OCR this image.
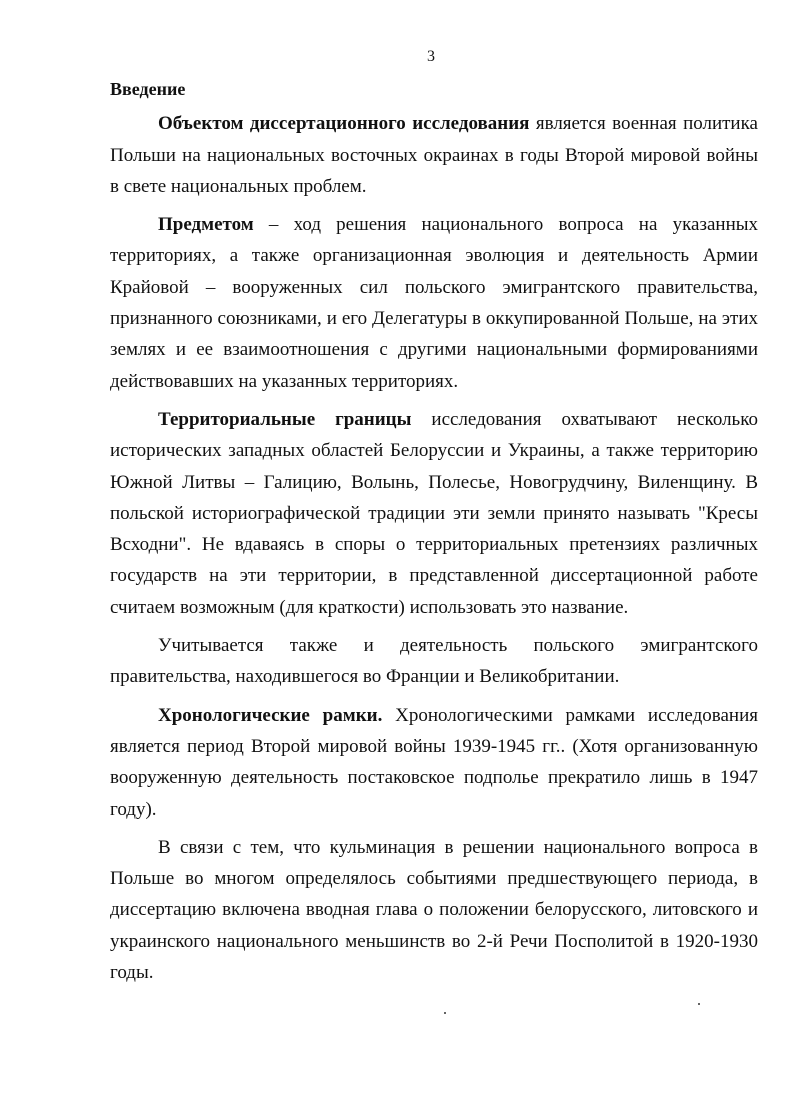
3
Введение

Объектом диссертационного исследования является военная политика Польши на национальных восточных окраинах в годы Второй мировой войны в свете национальных проблем.

Предметом – ход решения национального вопроса на указанных территориях, а также организационная эволюция и деятельность Армии Крайовой – вооруженных сил польского эмигрантского правительства, признанного союзниками, и его Делегатуры в оккупированной Польше, на этих землях и ее взаимоотношения с другими национальными формированиями действовавших на указанных территориях.

Территориальные границы исследования охватывают несколько исторических западных областей Белоруссии и Украины, а также территорию Южной Литвы – Галицию, Волынь, Полесье, Новогрудчину, Виленщину. В польской историографической традиции эти земли принято называть "Кресы Всходни". Не вдаваясь в споры о территориальных претензиях различных государств на эти территории, в представленной диссертационной работе считаем возможным (для краткости) использовать это название.

Учитывается также и деятельность польского эмигрантского правительства, находившегося во Франции и Великобритании.

Хронологические рамки. Хронологическими рамками исследования является период Второй мировой войны 1939-1945 гг.. (Хотя организованную вооруженную деятельность постаковское подполье прекратило лишь в 1947 году).

В связи с тем, что кульминация в решении национального вопроса в Польше во многом определялось событиями предшествующего периода, в диссертацию включена вводная глава о положении белорусского, литовского и украинского национального меньшинств во 2-й Речи Посполитой в 1920-1930 годы.
